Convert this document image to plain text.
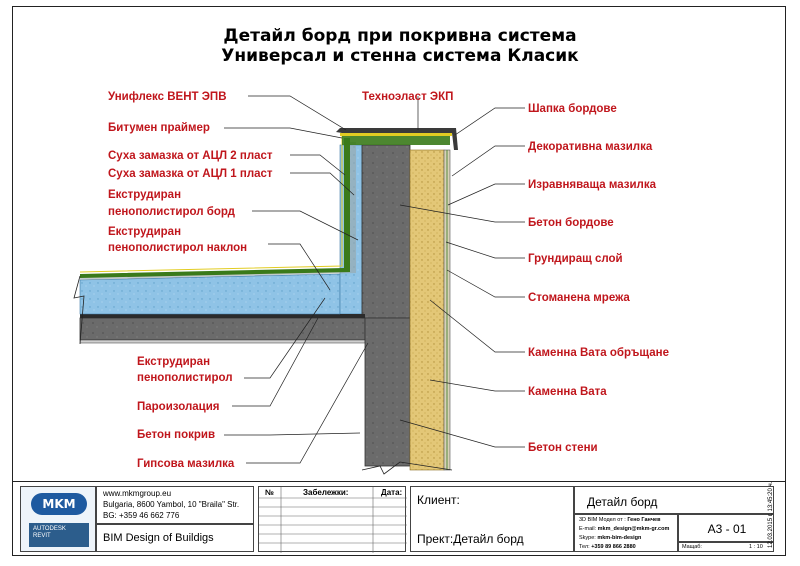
Детайл борд при покривна система
Универсал и стенна система Класик
Унифлекс ВЕНТ ЭПВ
Битумен праймер
Суха замазка от АЦЛ 2 пласт
Суха замазка от АЦЛ 1 пласт
Екструдиран
пенополистирол борд
Екструдиран
пенополистирол наклон
Екструдиран
пенополистирол
Пароизолация
Бетон покрив
Гипсова мазилка
Техноэласт ЭКП
Шапка бордове
Декоративна мазилка
Изравняваща мазилка
Бетон бордове
Грундиращ слой
Стоманена мрежа
Каменна Вата обръщане
Каменна Вата
Бетон стени
MKM
AUTODESK
REVIT
www.mkmgroup.eu
Bulgaria, 8600 Yambol, 10 "Braila" Str.
BG: +359 46 662 776
BIM Design of Buildigs
№	Забележки:	Дата:
Клиент:
Прект:Детайл борд
Детайл борд
3D BIM Модел от : Гено Ганчев
E-mail: mkm_design@mkm-gr.com
Skype: mkm-bim-design
Тел: +359 89 866 2880
A3 - 01
Мащаб:	1 : 10 12.03.2015 г. 13:45:20 ч.
